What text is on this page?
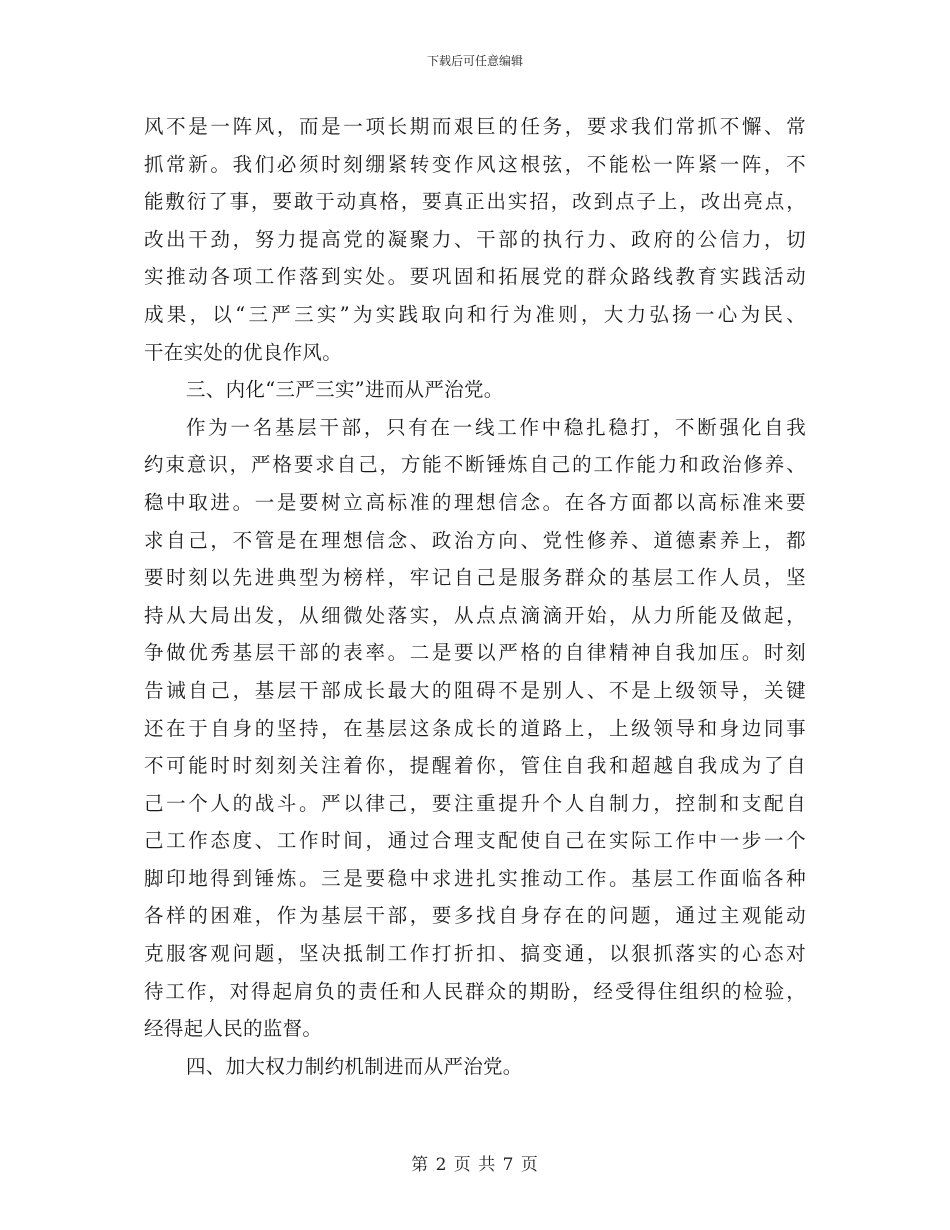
下载后可任意编辑
风不是一阵风，而是一项长期而艰巨的任务，要求我们常抓不懈、常
抓常新。我们必须时刻绷紧转变作风这根弦，不能松一阵紧一阵，不
能敷衍了事，要敢于动真格，要真正出实招，改到点子上，改出亮点，
改出干劲，努力提高党的凝聚力、干部的执行力、政府的公信力，切
实推动各项工作落到实处。要巩固和拓展党的群众路线教育实践活动
成果，以“三严三实”为实践取向和行为准则，大力弘扬一心为民、
干在实处的优良作风。
三、内化“三严三实”进而从严治党。
作为一名基层干部，只有在一线工作中稳扎稳打，不断强化自我
约束意识，严格要求自己，方能不断锤炼自己的工作能力和政治修养、
稳中取进。一是要树立高标准的理想信念。在各方面都以高标准来要
求自己，不管是在理想信念、政治方向、党性修养、道德素养上，都
要时刻以先进典型为榜样，牢记自己是服务群众的基层工作人员，坚
持从大局出发，从细微处落实，从点点滴滴开始，从力所能及做起，
争做优秀基层干部的表率。二是要以严格的自律精神自我加压。时刻
告诫自己，基层干部成长最大的阻碍不是别人、不是上级领导，关键
还在于自身的坚持，在基层这条成长的道路上，上级领导和身边同事
不可能时时刻刻关注着你，提醒着你，管住自我和超越自我成为了自
己一个人的战斗。严以律己，要注重提升个人自制力，控制和支配自
己工作态度、工作时间，通过合理支配使自己在实际工作中一步一个
脚印地得到锤炼。三是要稳中求进扎实推动工作。基层工作面临各种
各样的困难，作为基层干部，要多找自身存在的问题，通过主观能动
克服客观问题，坚决抵制工作打折扣、搞变通，以狠抓落实的心态对
待工作，对得起肩负的责任和人民群众的期盼，经受得住组织的检验，
经得起人民的监督。
四、加大权力制约机制进而从严治党。
第 2 页 共 7 页
